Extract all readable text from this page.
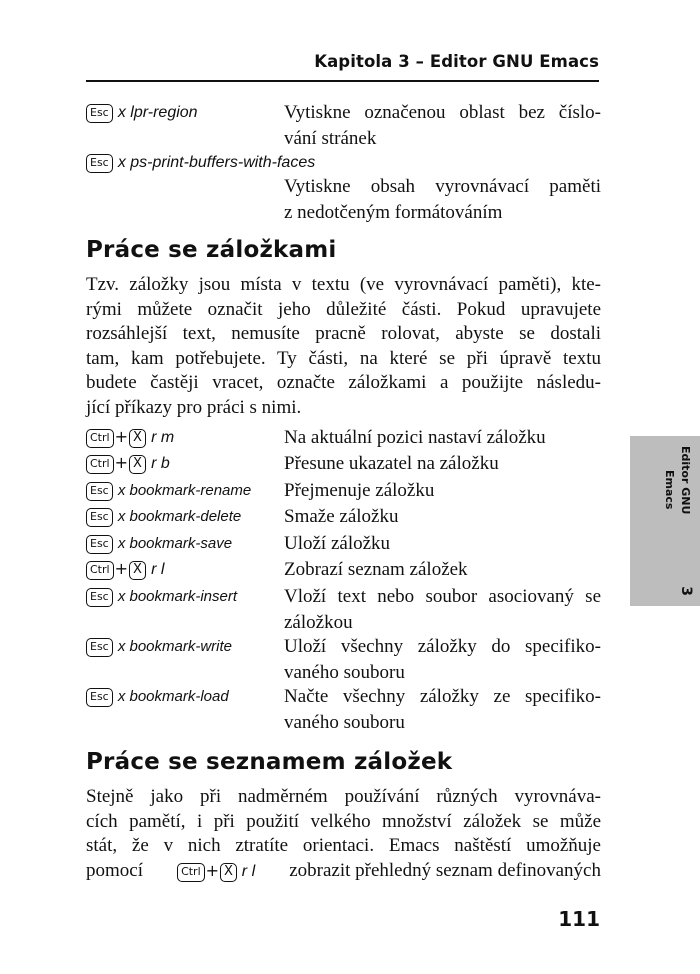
Kapitola 3 – Editor GNU Emacs
Esc x lpr-region	Vytiskne označenou oblast bez číslo-
vání stránek
Esc x ps-print-buffers-with-faces
Vytiskne obsah vyrovnávací paměti
z nedotčeným formátováním
Práce se záložkami
Tzv. záložky jsou místa v textu (ve vyrovnávací paměti), kte-
rými můžete označit jeho důležité části. Pokud upravujete
rozsáhlejší text, nemusíte pracně rolovat, abyste se dostali
tam, kam potřebujete. Ty části, na které se při úpravě textu
budete častěji vracet, označte záložkami a použijte následu-
jící příkazy pro práci s nimi.
Ctrl + X r m	Na aktuální pozici nastaví záložku
Ctrl + X r b	Přesune ukazatel na záložku
Esc x bookmark-rename Přejmenuje záložku
Esc x bookmark-delete Smaže záložku
Esc x bookmark-save	Uloží záložku
Ctrl + X r l	Zobrazí seznam záložek
Esc x bookmark-insert Vloží text nebo soubor asociovaný se
záložkou
Esc x bookmark-write	Uloží všechny záložky do specifiko-
vaného souboru
Esc x bookmark-load	Načte všechny záložky ze specifiko-
vaného souboru
Práce se seznamem záložek
Stejně jako při nadměrném používání různých vyrovnáva-
cích pamětí, i při použití velkého množství záložek se může
stát, že v nich ztratíte orientaci. Emacs naštěstí umožňuje
pomocí	Ctrl + X r l zobrazit přehledný seznam definovaných
Editor GNU
3
Emacs
111
